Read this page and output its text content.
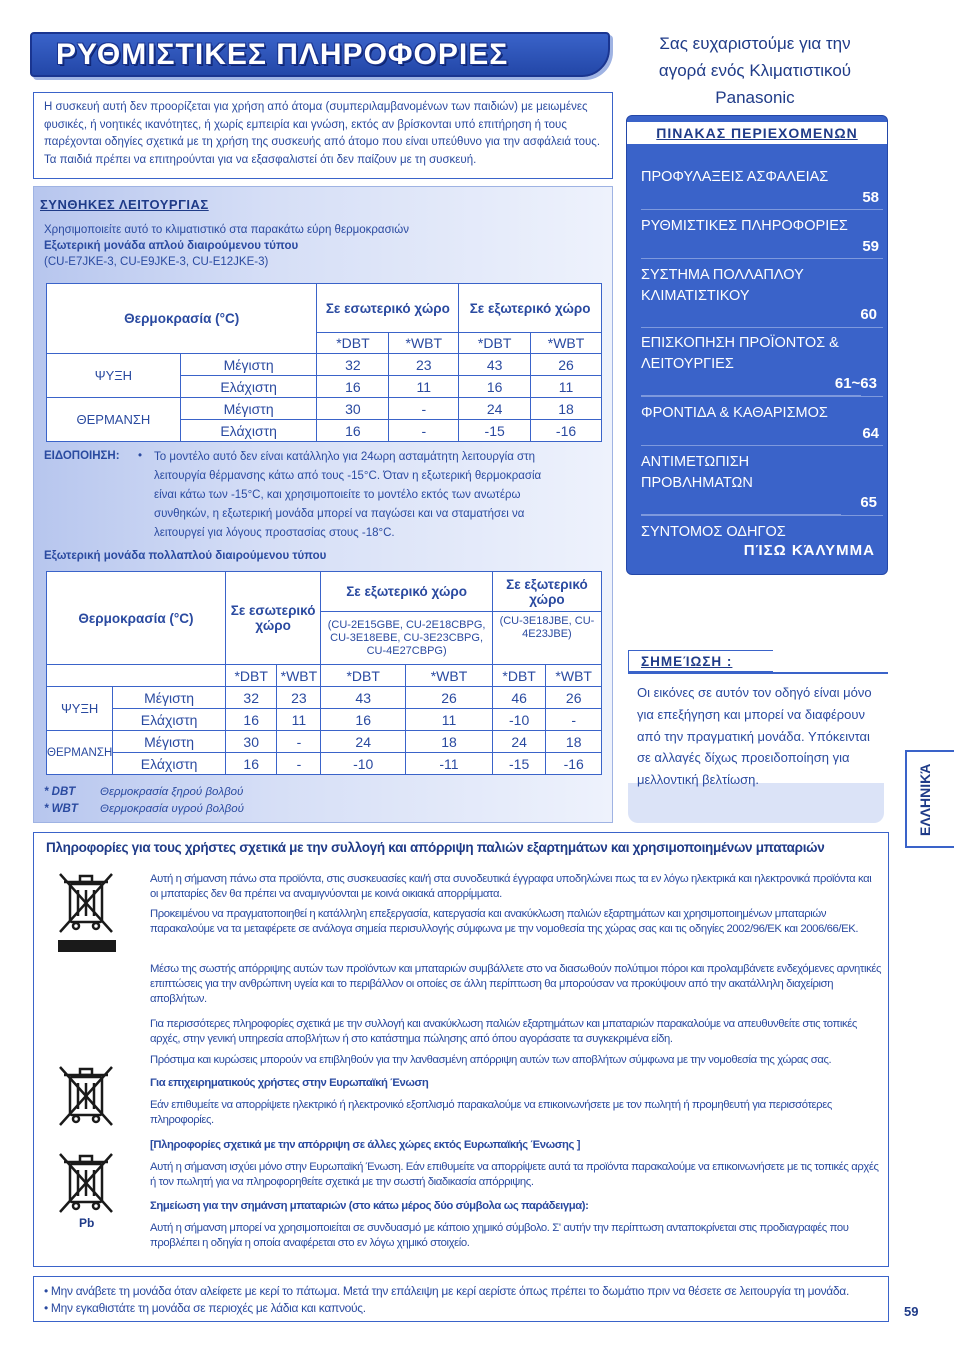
ΡΥΘΜΙΣΤΙΚΕΣ ΠΛΗΡΟΦΟΡΙΕΣ	Σας ευχαριστούμε για την
αγορά ενός Κλιματιστικού
Panasonic

Η συσκευή αυτή δεν προορίζεται για χρήση από άτομα (συμπεριλαμβανομένων των παιδιών) με μειωμένες φυσικές, ή νοητικές ικανότητες, ή χωρίς εμπειρία και γνώση, εκτός αν βρίσκονται υπό επιτήρηση ή τους παρέχονται οδηγίες σχετικά με τη χρήση της συσκευής από άτομο που είναι υπεύθυνο για την ασφάλειά τους. Τα παιδιά πρέπει να επιτηρούνται για να εξασφαλιστεί ότι δεν παίζουν με τη συσκευή.

ΣΥΝΘΗΚΕΣ ΛΕΙΤΟΥΡΓΙΑΣ
Χρησιμοποιείτε αυτό το κλιματιστικό στα παρακάτω εύρη θερμοκρασιών
Εξωτερική μονάδα απλού διαιρούμενου τύπου
(CU-E7JKE-3, CU-E9JKE-3, CU-E12JKE-3)
Θερμοκρασία (°C)		Σε εσωτερικό χώρο		Σε εξωτερικό χώρο	
		*DBT	*WBT	*DBT	*WBT
ΨΥΞΗ	Μέγιστη	32	23	43	26
	Ελάχιστη	16	11	16	11
ΘΕΡΜΑΝΣΗ	Μέγιστη	30	-	24	18
	Ελάχιστη	16	-	-15	-16
ΕΙΔΟΠΟΙΗΣΗ: • Το μοντέλο αυτό δεν είναι κατάλληλο για 24ωρη ασταμάτητη λειτουργία στη
λειτουργία θέρμανσης κάτω από τους -15°C. Όταν η εξωτερική θερμοκρασία
είναι κάτω των -15°C, και χρησιμοποιείτε το μοντέλο εκτός των ανωτέρω
συνθηκών, η εξωτερική μονάδα μπορεί να παγώσει και να σταματήσει να
λειτουργεί για λόγους προστασίας στους -18°C.
Εξωτερική μονάδα πολλαπλού διαιρούμενου τύπου
Θερμοκρασία (°C)		Σε εσωτερικό χώρο		Σε εξωτερικό χώρο		Σε εξωτερικό χώρο	
				(CU-2E15GBE, CU-2E18CBPG, CU-3E18EBE, CU-3E23CBPG, CU-4E27CBPG)		(CU-3E18JBE, CU-4E23JBE)	
		*DBT	*WBT	*DBT	*WBT	*DBT	*WBT
ΨΥΞΗ	Μέγιστη	32	23	43	26	46	26
	Ελάχιστη	16	11	16	11	-10	-
ΘΕΡΜΑΝΣΗ	Μέγιστη	30	-	24	18	24	18
	Ελάχιστη	16	-	-10	-11	-15	-16
* DBT Θερμοκρασία ξηρού βολβού
* WBT Θερμοκρασία υγρού βολβού
ΠΙΝΑΚΑΣ ΠΕΡΙΕΧΟΜΕΝΩΝ
ΠΡΟΦΥΛΑΞΕΙΣ ΑΣΦΑΛΕΙΑΣ
58
ΡΥΘΜΙΣΤΙΚΕΣ ΠΛΗΡΟΦΟΡΙΕΣ
59
ΣΥΣΤΗΜΑ ΠΟΛΛΑΠΛΟΥ ΚΛΙΜΑΤΙΣΤΙΚΟΥ
60
ΕΠΙΣΚΟΠΗΣΗ ΠΡΟΪΟΝΤΟΣ & ΛΕΙΤΟΥΡΓΙΕΣ
61~63
ΦΡΟΝΤΙΔΑ & ΚΑΘΑΡΙΣΜΟΣ
64
ΑΝΤΙΜΕΤΩΠΙΣΗ ΠΡΟΒΛΗΜΑΤΩΝ
65
ΣΥΝΤΟΜΟΣ ΟΔΗΓΟΣ
ΠΊΣΩ ΚΆΛΥΜΜΑ
ΣΗΜΕΊΩΣΗ :
Οι εικόνες σε αυτόν τον οδηγό είναι μόνο για επεξήγηση και μπορεί να διαφέρουν από την πραγματική μονάδα. Υπόκεινται σε αλλαγές δίχως προειδοποίηση για μελλοντική βελτίωση.	ΕΛΛΗΝΙΚΆ
Πληροφορίες για τους χρήστες σχετικά με την συλλογή και απόρριψη παλιών εξαρτημάτων και χρησιμοποιημένων μπαταριών
Pb
Αυτή η σήμανση πάνω στα προϊόντα, στις συσκευασίες και/ή στα συνοδευτικά έγγραφα υποδηλώνει πως τα εν λόγω ηλεκτρικά και ηλεκτρονικά προϊόντα και οι μπαταρίες δεν θα πρέπει να αναμιγνύονται με κοινά οικιακά απορρίμματα.
Προκειμένου να πραγματοποιηθεί η κατάλληλη επεξεργασία, κατεργασία και ανακύκλωση παλιών εξαρτημάτων και χρησιμοποιημένων μπαταριών παρακαλούμε να τα μεταφέρετε σε ανάλογα σημεία περισυλλογής σύμφωνα με την νομοθεσία της χώρας σας και τις οδηγίες 2002/96/ΕΚ και 2006/66/ΕΚ.
Μέσω της σωστής απόρριψης αυτών των προϊόντων και μπαταριών συμβάλλετε στο να διασωθούν πολύτιμοι πόροι και προλαμβάνετε ενδεχόμενες αρνητικές επιπτώσεις για την ανθρώπινη υγεία και το περιβάλλον οι οποίες σε άλλη περίπτωση θα μπορούσαν να προκύψουν από την ακατάλληλη διαχείριση αποβλήτων.
Για περισσότερες πληροφορίες σχετικά με την συλλογή και ανακύκλωση παλιών εξαρτημάτων και μπαταριών παρακαλούμε να απευθυνθείτε στις τοπικές αρχές, στην γενική υπηρεσία αποβλήτων ή στο κατάστημα πώλησης από όπου αγοράσατε τα συγκεκριμένα είδη.
Πρόστιμα και κυρώσεις μπορούν να επιβληθούν για την λανθασμένη απόρριψη αυτών των αποβλήτων σύμφωνα με την νομοθεσία της χώρας σας.
Για επιχειρηματικούς χρήστες στην Ευρωπαϊκή Ένωση
Εάν επιθυμείτε να απορρίψετε ηλεκτρικό ή ηλεκτρονικό εξοπλισμό παρακαλούμε να επικοινωνήσετε με τον πωλητή ή προμηθευτή για περισσότερες πληροφορίες.
[Πληροφορίες σχετικά με την απόρριψη σε άλλες χώρες εκτός Ευρωπαϊκής Ένωσης ]
Αυτή η σήμανση ισχύει μόνο στην Ευρωπαϊκή Ένωση. Εάν επιθυμείτε να απορρίψετε αυτά τα προϊόντα παρακαλούμε να επικοινωνήσετε με τις τοπικές αρχές ή τον πωλητή για να πληροφορηθείτε σχετικά με την σωστή διαδικασία απόρριψης.
Σημείωση για την σημάνση μπαταριών (στο κάτω μέρος δύο σύμβολα ως παράδειγμα):
Αυτή η σήμανση μπορεί να χρησιμοποιείται σε συνδυασμό με κάποιο χημικό σύμβολο. Σ' αυτήν την περίπτωση ανταποκρίνεται στις προδιαγραφές που προβλέπει η οδηγία η οποία αναφέρεται στο εν λόγω χημικό στοιχείο.
• Μην ανάβετε τη μονάδα όταν αλείφετε με κερί το πάτωμα. Μετά την επάλειψη με κερί αερίστε όπως πρέπει το δωμάτιο πριν να θέσετε σε λειτουργία τη μονάδα.
• Μην εγκαθιστάτε τη μονάδα σε περιοχές με λάδια και καπνούς.	59
